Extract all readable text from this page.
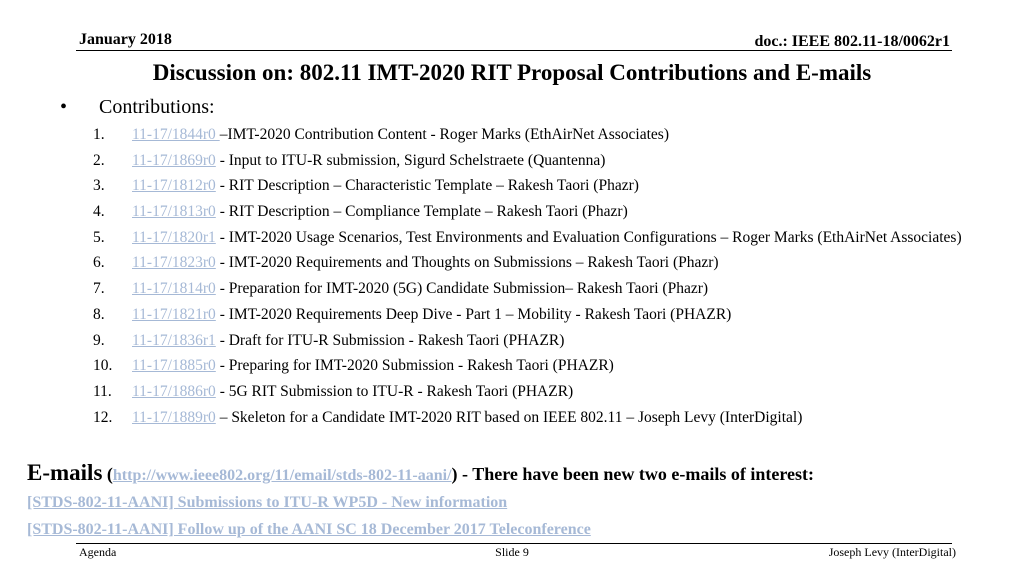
January 2018	doc.: IEEE 802.11-18/0062r1
Discussion on: 802.11 IMT-2020 RIT Proposal Contributions and E-mails
• Contributions:
1. 11-17/1844r0 –IMT-2020 Contribution Content - Roger Marks (EthAirNet Associates)
2. 11-17/1869r0 - Input to ITU-R submission, Sigurd Schelstraete (Quantenna)
3. 11-17/1812r0 - RIT Description – Characteristic Template – Rakesh Taori (Phazr)
4. 11-17/1813r0 - RIT Description – Compliance Template – Rakesh Taori (Phazr)
5. 11-17/1820r1 - IMT-2020 Usage Scenarios, Test Environments and Evaluation Configurations – Roger Marks (EthAirNet Associates)
6. 11-17/1823r0 - IMT-2020 Requirements and Thoughts on Submissions – Rakesh Taori (Phazr)
7. 11-17/1814r0 - Preparation for IMT-2020 (5G) Candidate Submission– Rakesh Taori (Phazr)
8. 11-17/1821r0 - IMT-2020 Requirements Deep Dive - Part 1 – Mobility - Rakesh Taori (PHAZR)
9. 11-17/1836r1 - Draft for ITU-R Submission - Rakesh Taori (PHAZR)
10. 11-17/1885r0 - Preparing for IMT-2020 Submission - Rakesh Taori (PHAZR)
11. 11-17/1886r0 - 5G RIT Submission to ITU-R - Rakesh Taori (PHAZR)
12. 11-17/1889r0 – Skeleton for a Candidate IMT-2020 RIT based on IEEE 802.11 – Joseph Levy (InterDigital)
E-mails (http://www.ieee802.org/11/email/stds-802-11-aani/) - There have been new two e-mails of interest:
[STDS-802-11-AANI] Submissions to ITU-R WP5D - New information
[STDS-802-11-AANI] Follow up of the AANI SC 18 December 2017 Teleconference
Agenda	Slide 9	Joseph Levy (InterDigital)
